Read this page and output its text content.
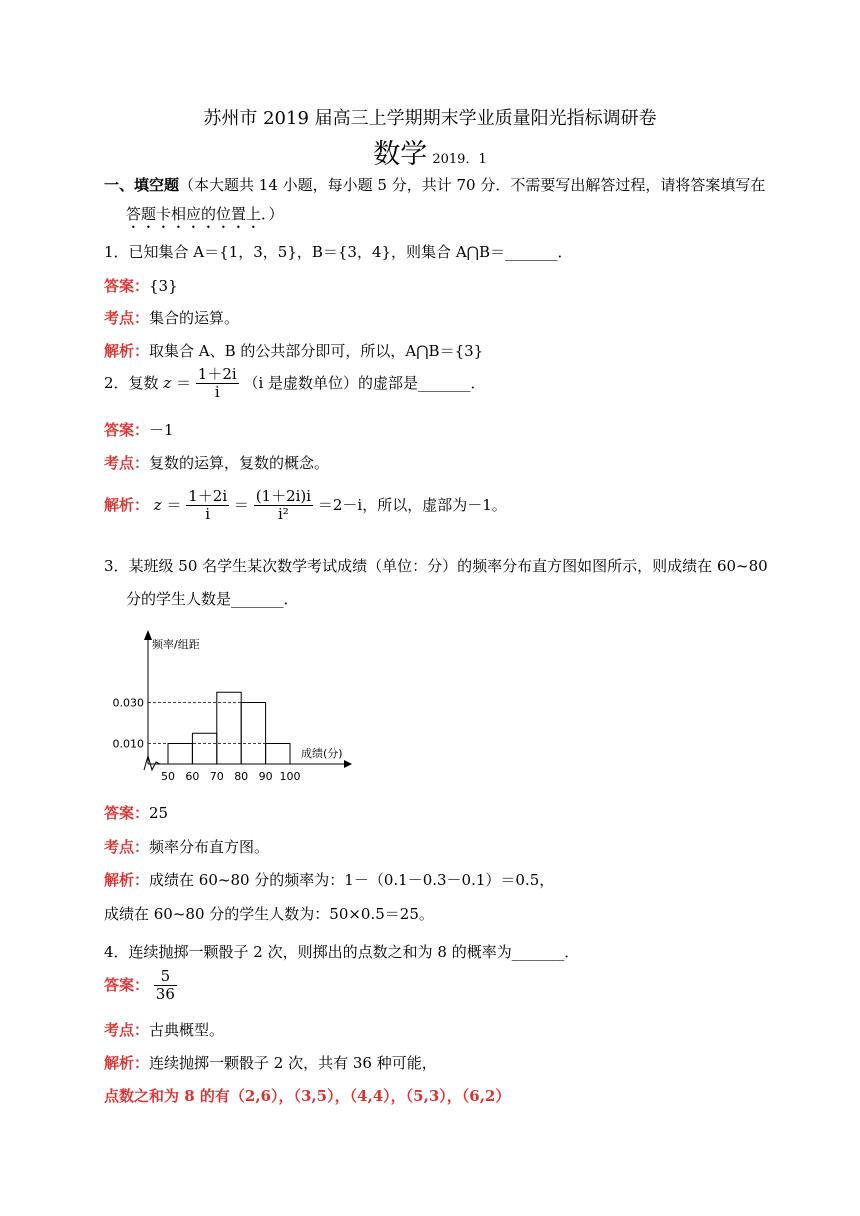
苏州市 2019 届高三上学期期末学业质量阳光指标调研卷
数学 2019．1
一、填空题（本大题共 14 小题，每小题 5 分，共计 70 分．不需要写出解答过程，请将答案填写在
答题卡相应的位置上．）
1．已知集合 A＝{1，3，5}，B＝{3，4}，则集合 A⋂B＝_______．
答案：{3}
考点：集合的运算。
解析：取集合 A、B 的公共部分即可，所以，A⋂B＝{3}
2．复数 $z = \frac{1+2i}{i} (i$ 是虚数单位）的虚部是_______．
答案：－1
考点：复数的运算，复数的概念。
解析： $z = \frac{1+2i}{i} = \frac{(1+2i)i}{\text{i²}} =2-i$，所以，虚部为－1。
3．某班级 50 名学生某次数学考试成绩（单位：分）的频率分布直方图如图所示，则成绩在 60~80
分的学生人数是_______．
频率/组距
成绩(分)
0.010
0.030
50 60 70 80 90 100
答案：25
考点：频率分布直方图。
解析：成绩在 60~80 分的频率为：1－（0.1－0.3－0.1）＝0.5，
成绩在 60~80 分的学生人数为：50×0.5＝25。
4．连续抛掷一颗骰子 2 次，则掷出的点数之和为 8 的概率为_______．
答案： $\frac{5}{36}$
考点：古典概型。
解析：连续抛掷一颗骰子 2 次，共有 36 种可能，
点数之和为 8 的有（2,6），（3,5），（4,4），（5,3），（6,2）
